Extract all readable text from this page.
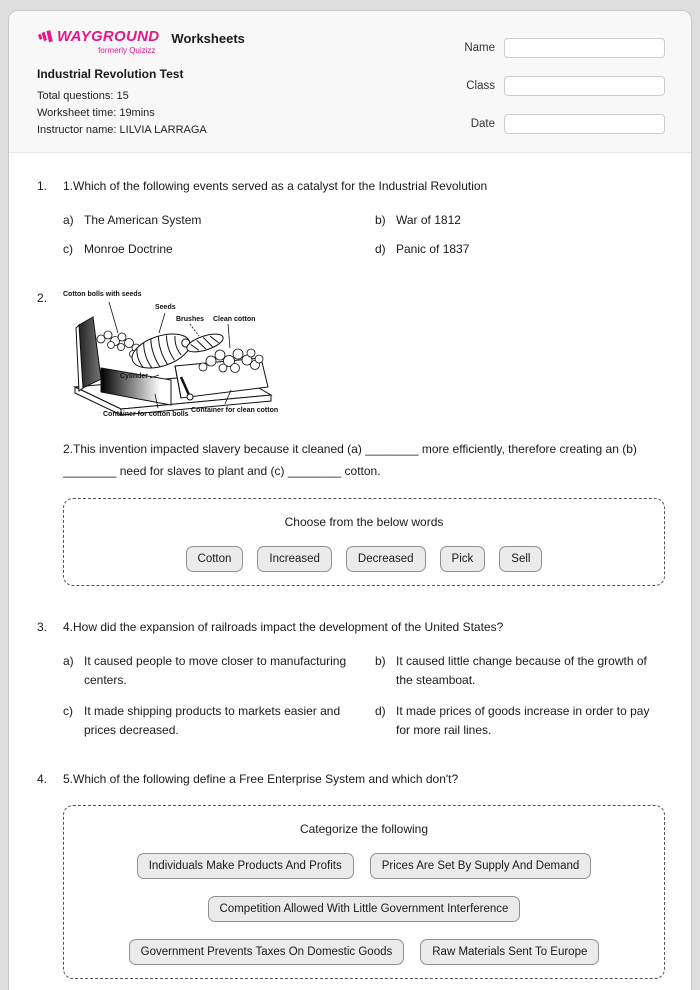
WAYGROUND
formerly Quizizz
Worksheets
Industrial Revolution Test
Total questions: 15
Worksheet time: 19mins
Instructor name: LILVIA LARRAGA
Name
Class
Date
1.	1.Which of the following events served as a catalyst for the Industrial Revolution
a) The American System	b) War of 1812
c) Monroe Doctrine	d) Panic of 1837
2.	Cotton bolls with seeds
Seeds
Brushes Clean cotton
Cylinder
Container for cotton bolls
Container for clean cotton
2.This invention impacted slavery because it cleaned (a) ________ more efficiently, therefore creating an (b) ________ need for slaves to plant and (c) ________ cotton.
Choose from the below words
Cotton	Increased	Decreased	Pick	Sell
3.	4.How did the expansion of railroads impact the development of the United States?
a) It caused people to move closer to manufacturing centers.
b) It caused little change because of the growth of the steamboat.
c) It made shipping products to markets easier and prices decreased.
d) It made prices of goods increase in order to pay for more rail lines.
4.	5.Which of the following define a Free Enterprise System and which don't?
Categorize the following
Individuals Make Products And Profits	Prices Are Set By Supply And Demand
Competition Allowed With Little Government Interference
Government Prevents Taxes On Domestic Goods	Raw Materials Sent To Europe
